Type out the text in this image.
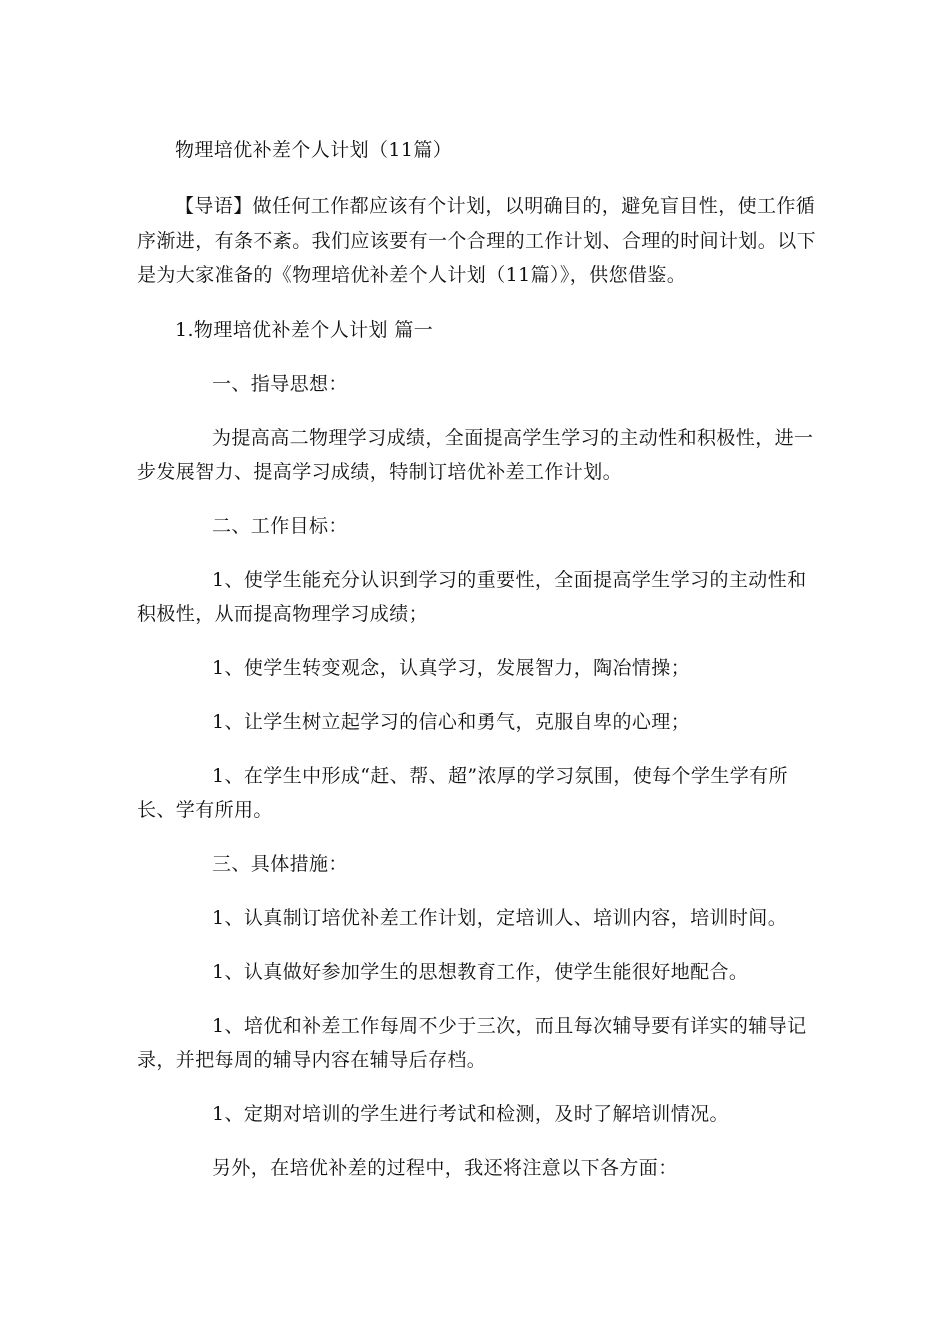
物理培优补差个人计划（11篇）

【导语】做任何工作都应该有个计划，以明确目的，避免盲目性，使工作循

序渐进，有条不紊。我们应该要有一个合理的工作计划、合理的时间计划。以下

是为大家准备的《物理培优补差个人计划（11篇）》，供您借鉴。

1.物理培优补差个人计划 篇一

一、指导思想：

为提高高二物理学习成绩，全面提高学生学习的主动性和积极性，进一

步发展智力、提高学习成绩，特制订培优补差工作计划。

二、工作目标：

1、使学生能充分认识到学习的重要性，全面提高学生学习的主动性和

积极性，从而提高物理学习成绩；

1、使学生转变观念，认真学习，发展智力，陶冶情操；

1、让学生树立起学习的信心和勇气，克服自卑的心理；

1、在学生中形成“赶、帮、超”浓厚的学习氛围，使每个学生学有所

长、学有所用。

三、具体措施：

1、认真制订培优补差工作计划，定培训人、培训内容，培训时间。

1、认真做好参加学生的思想教育工作，使学生能很好地配合。

1、培优和补差工作每周不少于三次，而且每次辅导要有详实的辅导记

录，并把每周的辅导内容在辅导后存档。

1、定期对培训的学生进行考试和检测，及时了解培训情况。

另外，在培优补差的过程中，我还将注意以下各方面：
